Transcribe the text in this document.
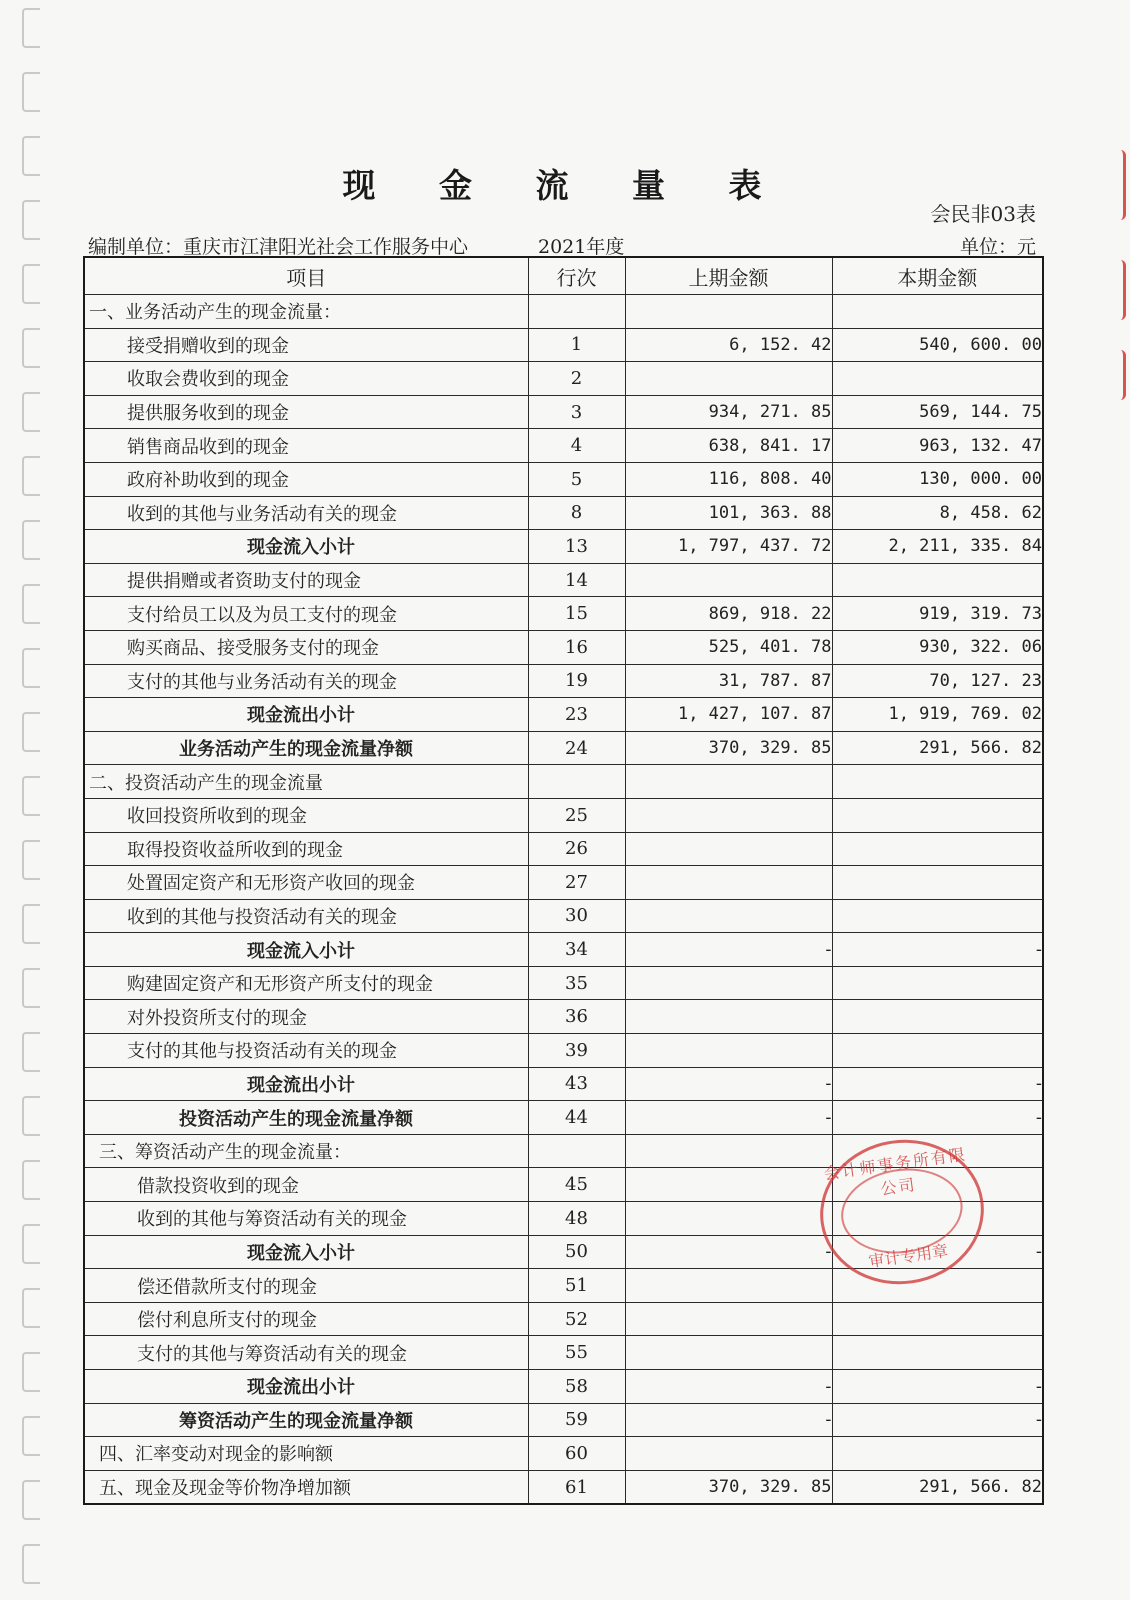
现 金 流 量 表
会民非03表
编制单位：重庆市江津阳光社会工作服务中心	2021年度	单位：元
项目	行次	上期金额	本期金额
一、业务活动产生的现金流量：			
接受捐赠收到的现金	1	6, 152. 42	540, 600. 00
收取会费收到的现金	2		
提供服务收到的现金	3	934, 271. 85	569, 144. 75
销售商品收到的现金	4	638, 841. 17	963, 132. 47
政府补助收到的现金	5	116, 808. 40	130, 000. 00
收到的其他与业务活动有关的现金	8	101, 363. 88	8, 458. 62
现金流入小计	13	1, 797, 437. 72	2, 211, 335. 84
提供捐赠或者资助支付的现金	14		
支付给员工以及为员工支付的现金	15	869, 918. 22	919, 319. 73
购买商品、接受服务支付的现金	16	525, 401. 78	930, 322. 06
支付的其他与业务活动有关的现金	19	31, 787. 87	70, 127. 23
现金流出小计	23	1, 427, 107. 87	1, 919, 769. 02
业务活动产生的现金流量净额	24	370, 329. 85	291, 566. 82
二、投资活动产生的现金流量			
收回投资所收到的现金	25		
取得投资收益所收到的现金	26		
处置固定资产和无形资产收回的现金	27		
收到的其他与投资活动有关的现金	30		
现金流入小计	34	-	-
购建固定资产和无形资产所支付的现金	35		
对外投资所支付的现金	36		
支付的其他与投资活动有关的现金	39		
现金流出小计	43	-	-
投资活动产生的现金流量净额	44	-	-
三、筹资活动产生的现金流量：			
借款投资收到的现金	45		
收到的其他与筹资活动有关的现金	48		
现金流入小计	50	-	-
偿还借款所支付的现金	51		
偿付利息所支付的现金	52		
支付的其他与筹资活动有关的现金	55		
现金流出小计	58	-	-
筹资活动产生的现金流量净额	59	-	-
四、汇率变动对现金的影响额	60		
五、现金及现金等价物净增加额	61	370, 329. 85	291, 566. 82
会计师事务所有限公司
审计专用章
